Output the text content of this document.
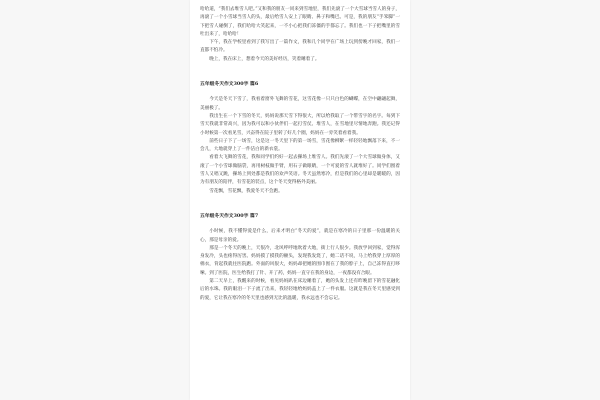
哈哈道，“我们去堆雪人吧。”又和我的朋友一同来到雪地里，我们先滚了一个大雪球当雪人的身子，再滚了一个小雪球当雪人的头，最后给雪人安上了眼睛、鼻子和嘴巴。可是，我的朋友“手笨脚”一下把雪人碰倒了，我们哈哈大笑起来，一不小心把我们冻僵的手都忘了。我们也一下子把嘴里的雪吐出来了，哈哈哈！

下午，我在学校里看到了我写出了一篇作文，我和几个同学在广场上玩到傍晚才回家，我们一直都不怕冷。

晚上，我在床上，想着今天的美好经历，笑着睡着了。

五年级冬天作文300字 篇6

今天是冬天下雪了，我看着窗外飞舞的雪花，这雪花像一只只白色的蝴蝶，在空中翩翩起舞，美丽极了。

我出生在一个下雪的冬天，妈妈说那天雪下得很大，所以给我取了一个带雪字的名字。每到下雪天我就非常高兴，因为我可以和小伙伴们一起打雪仗、堆雪人，在雪地里尽情地奔跑。我还记得小时候第一次看见雪，兴奋得在院子里转了好几个圈，妈妈在一旁笑着看着我。

前些日子下了一场雪，这是这一冬天里下的第一场雪，雪花像柳絮一样轻轻地飘落下来，不一会儿，大地就穿上了一件洁白的新衣裳。

看着大飞舞的雪花，我和同学们约好一起去操场上堆雪人。我们先滚了一个大雪球做身体，又滚了一个小雪球做脑袋，再用树枝做手臂，用石子做眼睛，一个可爱的雪人就堆好了。同学们围着雪人又唱又跳，操场上到处都是我们的欢声笑语。冬天虽然寒冷，但是我们的心里却是暖暖的，因为有朋友的陪伴，有雪花的装点，这个冬天变得格外美丽。

雪花飘，雪花飘，我爱冬天不会跑。

五年级冬天作文300字 篇7

小时候，我不懂得爱是什么，后来才明白“冬天的爱”，就是在寒冷的日子里那一份温暖的关心，那是母亲的爱。

那是一个冬天的晚上，天很冷，北风呼呼地吹着大地，街上行人很少。我放学回到家，觉得浑身发冷，头也疼得厉害。妈妈摸了摸我的额头，发现我发烧了，她二话不说，马上给我穿上厚厚的棉衣，背起我就往医院跑。外面的风很大，妈妈却把她的围巾围在了我的脖子上，自己冻得直打哆嗦。到了医院，医生给我打了针、开了药，妈妈一直守在我的身边，一夜都没有合眼。

第二天早上，我醒来的时候，看见妈妈趴在床边睡着了，她的头发上还有昨晚留下的雪花融化后的水珠。我的眼泪一下子流了出来，我轻轻地给妈妈盖上了一件衣服。这就是我在冬天里感受到的爱，它让我在寒冷的冬天里也感到无比的温暖，我永远也不会忘记。
